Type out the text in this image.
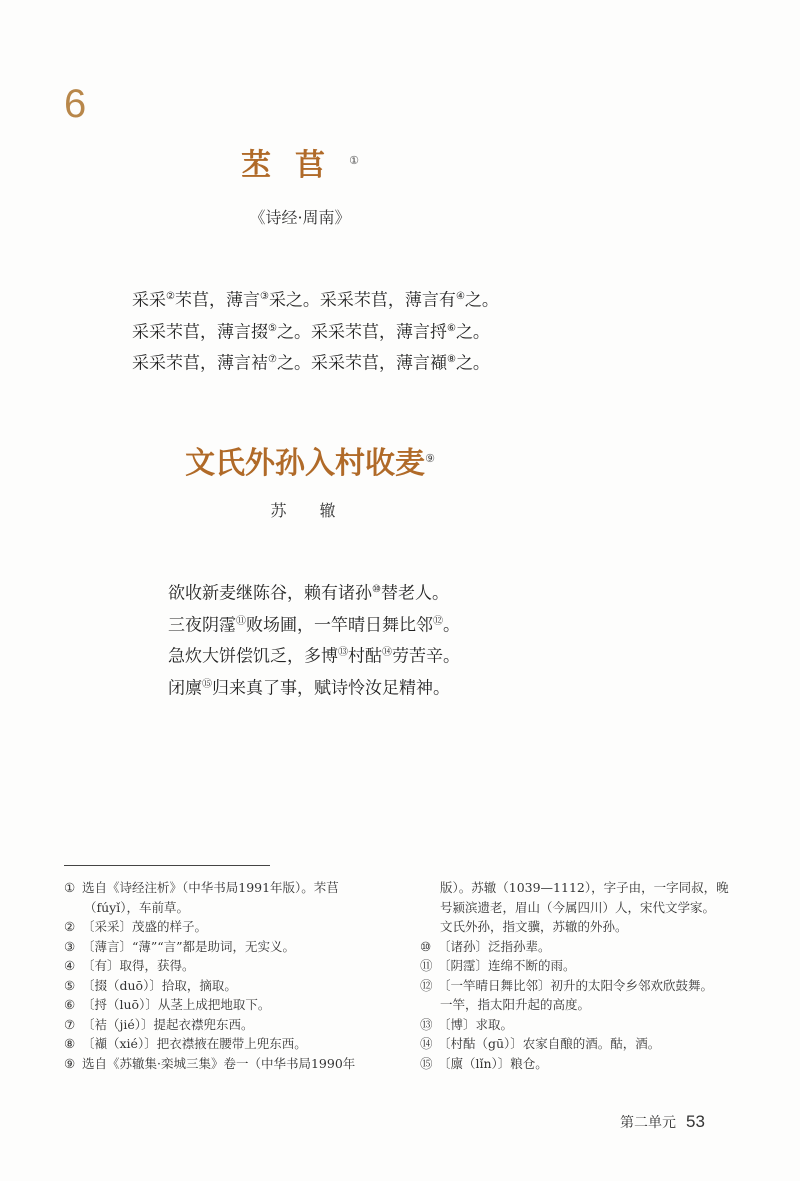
6
苤苢①
《诗经·周南》
采采②芣苢，薄言③采之。采采芣苢，薄言有④之。
采采芣苢，薄言掇⑤之。采采芣苢，薄言捋⑥之。
采采芣苢，薄言袺⑦之。采采芣苢，薄言襭⑧之。
文氏外孙入村收麦⑨
苏 辙
欲收新麦继陈谷，赖有诸孙⑩替老人。
三夜阴霪⑪败场圃，一竿晴日舞比邻⑫。
急炊大饼偿饥乏，多博⑬村酤⑭劳苦辛。
闭廪⑮归来真了事，赋诗怜汝足精神。

① 选自《诗经注析》（中华书局1991年版）。芣苢

（fúyǐ），车前草。

② 〔采采〕茂盛的样子。

③ 〔薄言〕“薄”“言”都是助词，无实义。

④ 〔有〕取得，获得。

⑤ 〔掇（duō）〕拾取，摘取。

⑥ 〔捋（luō）〕从茎上成把地取下。

⑦ 〔袺（jié）〕提起衣襟兜东西。

⑧ 〔襭（xié）〕把衣襟掖在腰带上兜东西。

⑨ 选自《苏辙集·栾城三集》卷一（中华书局1990年

版）。苏辙（1039—1112），字子由，一字同叔，晚

号颍滨遗老，眉山（今属四川）人，宋代文学家。

文氏外孙，指文骥，苏辙的外孙。

⑩ 〔诸孙〕泛指孙辈。

⑪ 〔阴霪〕连绵不断的雨。

⑫ 〔一竿晴日舞比邻〕初升的太阳令乡邻欢欣鼓舞。

一竿，指太阳升起的高度。

⑬ 〔博〕求取。

⑭ 〔村酤（gū）〕农家自酿的酒。酤，酒。

⑮ 〔廪（lǐn）〕粮仓。

第二单元 53
